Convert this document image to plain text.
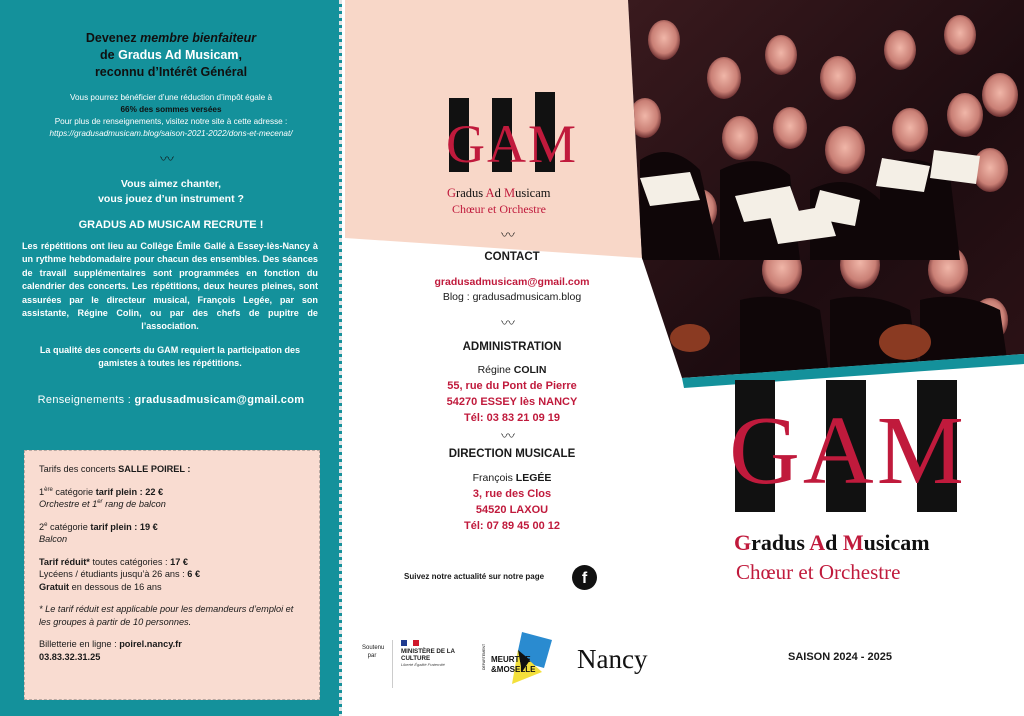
Devenez membre bienfaiteur
de Gradus Ad Musicam,
reconnu d’Intérêt Général
Vous pourrez bénéficier d’une réduction d’impôt égale à
66% des sommes versées
Pour plus de renseignements, visitez notre site à cette adresse :
https://gradusadmusicam.blog/saison-2021-2022/dons-et-mecenat/
〰
Vous aimez chanter,
vous jouez d’un instrument ?
GRADUS AD MUSICAM RECRUTE !
Les répétitions ont lieu au Collège Émile Gallé à Essey-lès-Nancy à un rythme hebdomadaire pour chacun des ensembles. Des séances de travail supplémentaires sont programmées en fonction du calendrier des concerts. Les répétitions, deux heures pleines, sont assurées par le directeur musical, François Legée, par son assistante, Régine Colin, ou par des chefs de pupitre de l’association.
La qualité des concerts du GAM requiert la participation des gamistes à toutes les répétitions.
Renseignements : gradusadmusicam@gmail.com

Tarifs des concerts SALLE POIREL :

1ère catégorie tarif plein : 22 €
Orchestre et 1er rang de balcon

2e catégorie tarif plein : 19 €
Balcon

Tarif réduit* toutes catégories : 17 €
Lycéens / étudiants jusqu’à 26 ans : 6 €
Gratuit en dessous de 16 ans

* Le tarif réduit est applicable pour les demandeurs d’emploi et les groupes à partir de 10 personnes.

Billetterie en ligne : poirel.nancy.fr
03.83.32.31.25

GAM
Gradus Ad Musicam
Chœur et Orchestre
〰
CONTACT
gradusadmusicam@gmail.com
Blog : gradusadmusicam.blog
〰
ADMINISTRATION
Régine COLIN
55, rue du Pont de Pierre
54270 ESSEY lès NANCY
Tél: 03 83 21 09 19
〰
DIRECTION MUSICALE
François LEGÉE
3, rue des Clos
54520 LAXOU
Tél: 07 89 45 00 12
Suivez notre actualité sur notre page	f
Soutenu par
MINISTÈRE DE LA CULTURE
Liberté Égalité Fraternité	DÉPARTEMENT MEURTHE
&MOSELLE Nancy
GAM
Gradus Ad Musicam
Chœur et Orchestre
SAISON 2024 - 2025
